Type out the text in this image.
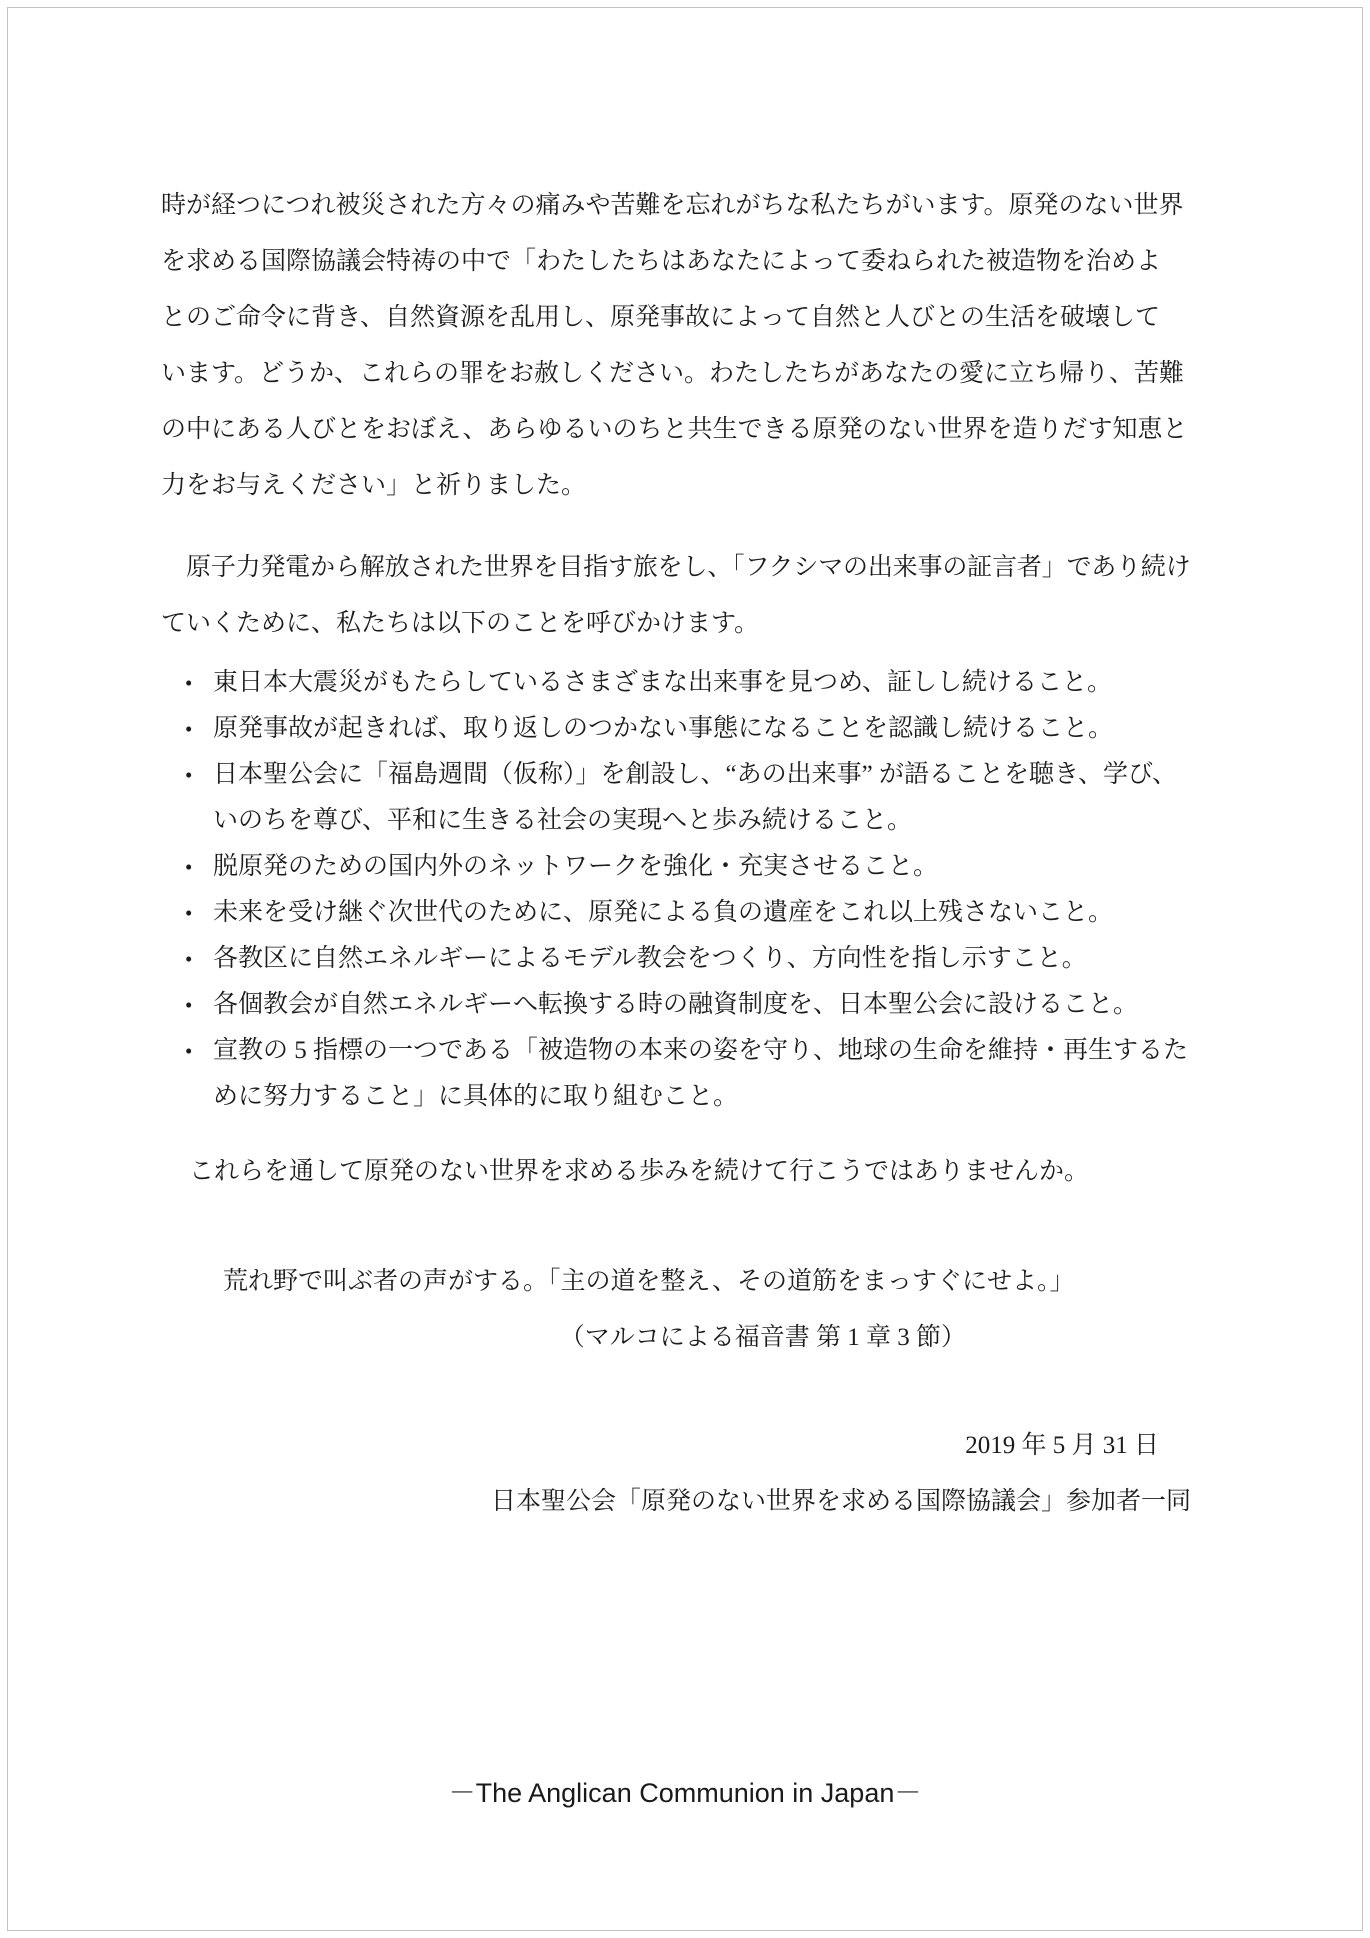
時が経つにつれ被災された方々の痛みや苦難を忘れがちな私たちがいます。原発のない世界
を求める国際協議会特祷の中で「わたしたちはあなたによって委ねられた被造物を治めよ
とのご命令に背き、自然資源を乱用し、原発事故によって自然と人びとの生活を破壊して
います。どうか、これらの罪をお赦しください。わたしたちがあなたの愛に立ち帰り、苦難
の中にある人びとをおぼえ、あらゆるいのちと共生できる原発のない世界を造りだす知恵と
力をお与えください」と祈りました。
原子力発電から解放された世界を目指す旅をし、「フクシマの出来事の証言者」であり続け
ていくために、私たちは以下のことを呼びかけます。
• 東日本大震災がもたらしているさまざまな出来事を見つめ、証しし続けること。
• 原発事故が起きれば、取り返しのつかない事態になることを認識し続けること。
• 日本聖公会に「福島週間（仮称）」を創設し、“あの出来事” が語ることを聴き、学び、
いのちを尊び、平和に生きる社会の実現へと歩み続けること。
• 脱原発のための国内外のネットワークを強化・充実させること。
• 未来を受け継ぐ次世代のために、原発による負の遺産をこれ以上残さないこと。
• 各教区に自然エネルギーによるモデル教会をつくり、方向性を指し示すこと。
• 各個教会が自然エネルギーへ転換する時の融資制度を、日本聖公会に設けること。
• 宣教の 5 指標の一つである「被造物の本来の姿を守り、地球の生命を維持・再生するた
めに努力すること」に具体的に取り組むこと。
これらを通して原発のない世界を求める歩みを続けて行こうではありませんか。
荒れ野で叫ぶ者の声がする。「主の道を整え、その道筋をまっすぐにせよ。」
（マルコによる福音書 第 1 章 3 節）
2019 年 5 月 31 日
日本聖公会「原発のない世界を求める国際協議会」参加者一同
－The Anglican Communion in Japan－
